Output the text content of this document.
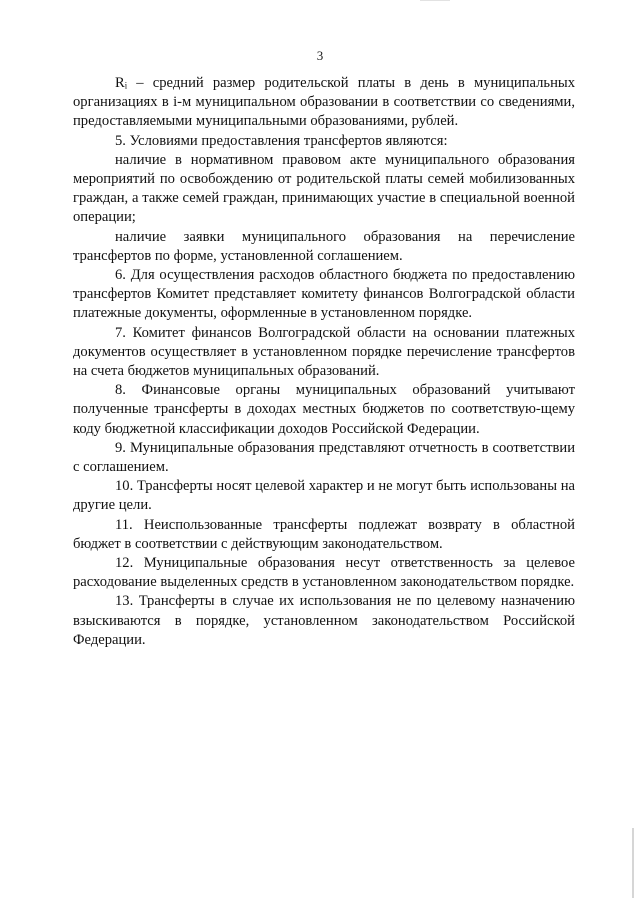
3

Rᵢ – средний размер родительской платы в день в муниципальных организациях в i-м муниципальном образовании в соответствии со сведениями, предоставляемыми муниципальными образованиями, рублей.

5. Условиями предоставления трансфертов являются:

наличие в нормативном правовом акте муниципального образования мероприятий по освобождению от родительской платы семей мобилизованных граждан, а также семей граждан, принимающих участие в специальной военной операции;

наличие заявки муниципального образования на перечисление трансфертов по форме, установленной соглашением.

6. Для осуществления расходов областного бюджета по предоставлению трансфертов Комитет представляет комитету финансов Волгоградской области платежные документы, оформленные в установленном порядке.

7. Комитет финансов Волгоградской области на основании платежных документов осуществляет в установленном порядке перечисление трансфертов на счета бюджетов муниципальных образований.

8. Финансовые органы муниципальных образований учитывают полученные трансферты в доходах местных бюджетов по соответствую-щему коду бюджетной классификации доходов Российской Федерации.

9. Муниципальные образования представляют отчетность в соответствии с соглашением.

10. Трансферты носят целевой характер и не могут быть использованы на другие цели.

11. Неиспользованные трансферты подлежат возврату в областной бюджет в соответствии с действующим законодательством.

12. Муниципальные образования несут ответственность за целевое расходование выделенных средств в установленном законодательством порядке.

13. Трансферты в случае их использования не по целевому назначению взыскиваются в порядке, установленном законодательством Российской Федерации.
